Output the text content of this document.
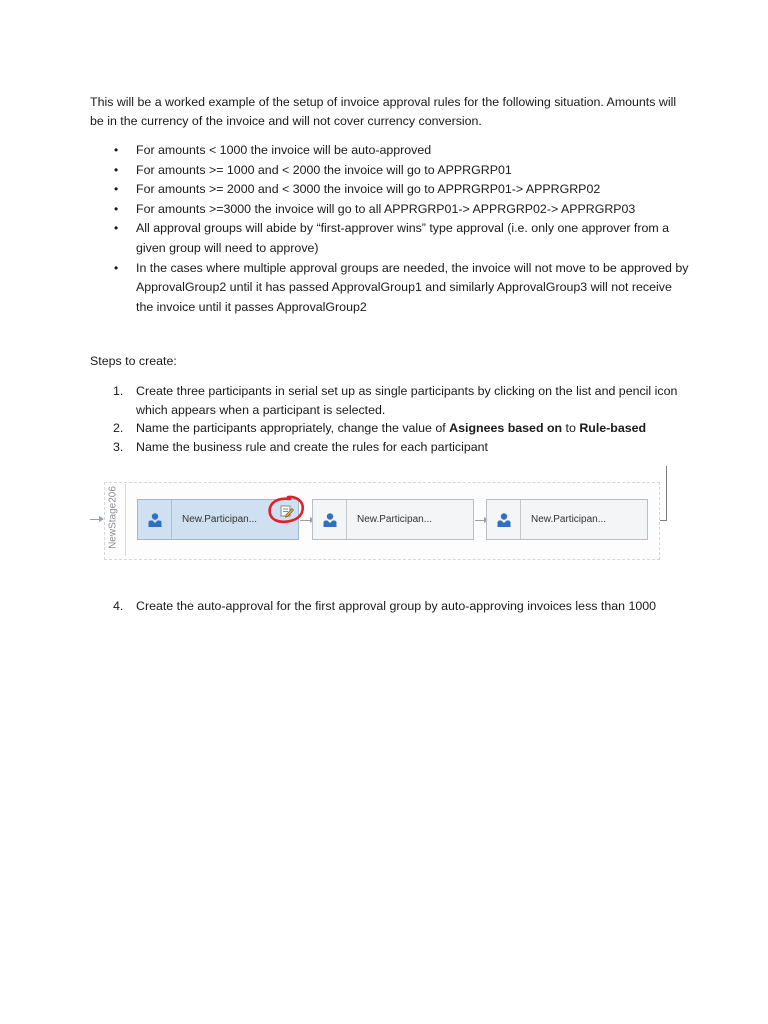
This will be a worked example of the setup of invoice approval rules for the following situation. Amounts will be in the currency of the invoice and will not cover currency conversion.

• For amounts < 1000 the invoice will be auto-approved
• For amounts >= 1000 and < 2000 the invoice will go to APPRGRP01
• For amounts >= 2000 and < 3000 the invoice will go to APPRGRP01-> APPRGRP02
• For amounts >=3000 the invoice will go to all APPRGRP01-> APPRGRP02-> APPRGRP03
• All approval groups will abide by “first-approver wins” type approval (i.e. only one approver from a given group will need to approve)
• In the cases where multiple approval groups are needed, the invoice will not move to be approved by ApprovalGroup2 until it has passed ApprovalGroup1 and similarly ApprovalGroup3 will not receive the invoice until it passes ApprovalGroup2

Steps to create:

1. Create three participants in serial set up as single participants by clicking on the list and pencil icon which appears when a participant is selected.
2. Name the participants appropriately, change the value of Asignees based on to Rule-based
3. Name the business rule and create the rules for each participant
NewStage206	New.Participan...	New.Participan...	New.Participan...
4. Create the auto-approval for the first approval group by auto-approving invoices less than 1000
